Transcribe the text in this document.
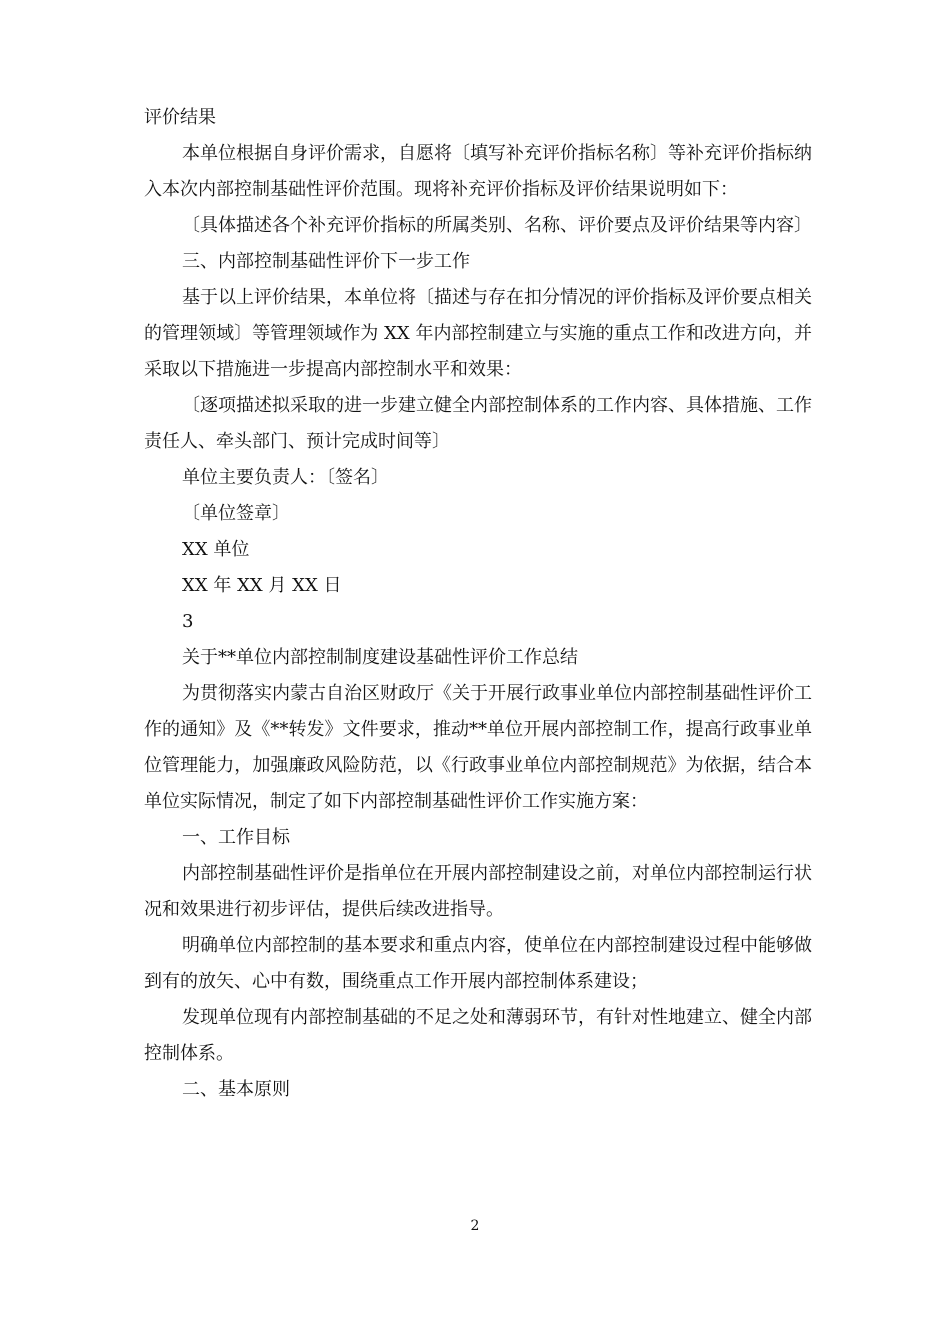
评价结果

本单位根据自身评价需求，自愿将〔填写补充评价指标名称〕等补充评价指标纳入本次内部控制基础性评价范围。现将补充评价指标及评价结果说明如下：

〔具体描述各个补充评价指标的所属类别、名称、评价要点及评价结果等内容〕

三、内部控制基础性评价下一步工作

基于以上评价结果，本单位将〔描述与存在扣分情况的评价指标及评价要点相关的管理领域〕等管理领域作为 XX 年内部控制建立与实施的重点工作和改进方向，并采取以下措施进一步提高内部控制水平和效果：

〔逐项描述拟采取的进一步建立健全内部控制体系的工作内容、具体措施、工作责任人、牵头部门、预计完成时间等〕

单位主要负责人：〔签名〕

〔单位签章〕

XX 单位

XX 年 XX 月 XX 日

3

关于**单位内部控制制度建设基础性评价工作总结

为贯彻落实内蒙古自治区财政厅《关于开展行政事业单位内部控制基础性评价工作的通知》及《**转发》文件要求，推动**单位开展内部控制工作，提高行政事业单位管理能力，加强廉政风险防范，以《行政事业单位内部控制规范》为依据，结合本单位实际情况，制定了如下内部控制基础性评价工作实施方案：

一、工作目标

内部控制基础性评价是指单位在开展内部控制建设之前，对单位内部控制运行状况和效果进行初步评估，提供后续改进指导。

明确单位内部控制的基本要求和重点内容，使单位在内部控制建设过程中能够做到有的放矢、心中有数，围绕重点工作开展内部控制体系建设；

发现单位现有内部控制基础的不足之处和薄弱环节，有针对性地建立、健全内部控制体系。

二、基本原则

2
